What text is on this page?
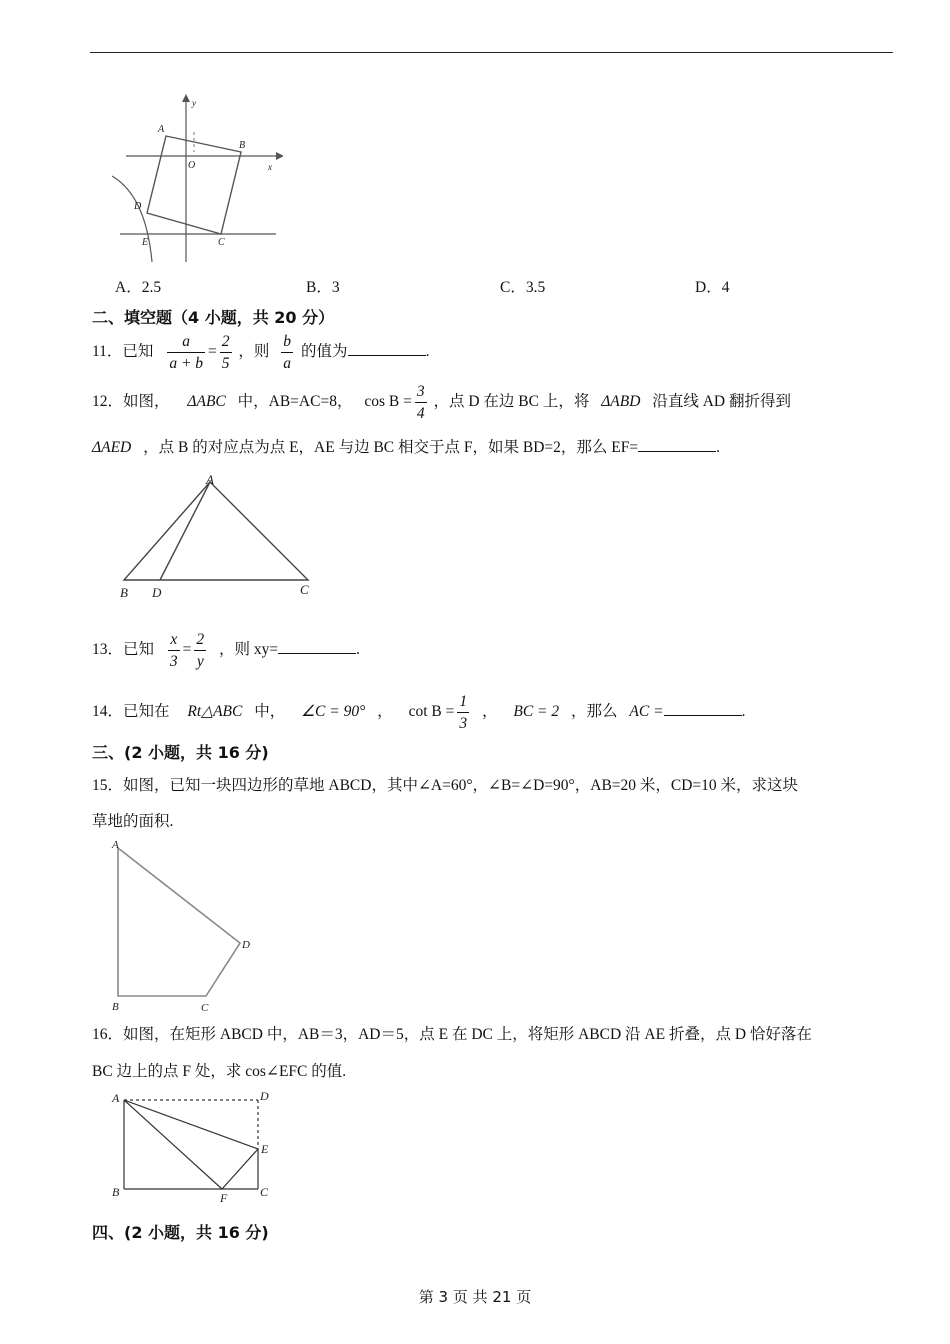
A
B
C
D
E
O	x
y
A．2.5	B．3	C．3.5	D．4
二、填空题（4 小题，共 20 分）
11．已知 $\frac{a}{a + b} = \frac{2}{5}$ ，则 $\frac{b}{a}$ 的值为	.
12．如图， ΔABC 中，AB=AC=8， $\cos B = \frac{3}{4}$ ，点 D 在边 BC 上，将 ΔABD 沿直线 AD 翻折得到
ΔAED ，点 B 的对应点为点 E，AE 与边 BC 相交于点 F，如果 BD=2，那么 EF=	.
A
B D	C
13．已知 $\frac{x}{3} = \frac{2}{y}$ ，则 xy=	.
14．已知在 Rt△ABC 中， ∠C = 90° ， $\cot B = \frac{1}{3}$ ， BC = 2 ，那么 AC =	.
三、(2 小题，共 16 分)
15．如图，已知一块四边形的草地 ABCD，其中∠A=60°，∠B=∠D=90°，AB=20 米，CD=10 米，求这块
草地的面积.
A
B	C
D
16．如图，在矩形 ABCD 中，AB＝3，AD＝5，点 E 在 DC 上，将矩形 ABCD 沿 AE 折叠，点 D 恰好落在
BC 边上的点 F 处，求 cos∠EFC 的值.
A	D
E
B	F	C
四、(2 小题，共 16 分)
第 3 页 共 21 页
